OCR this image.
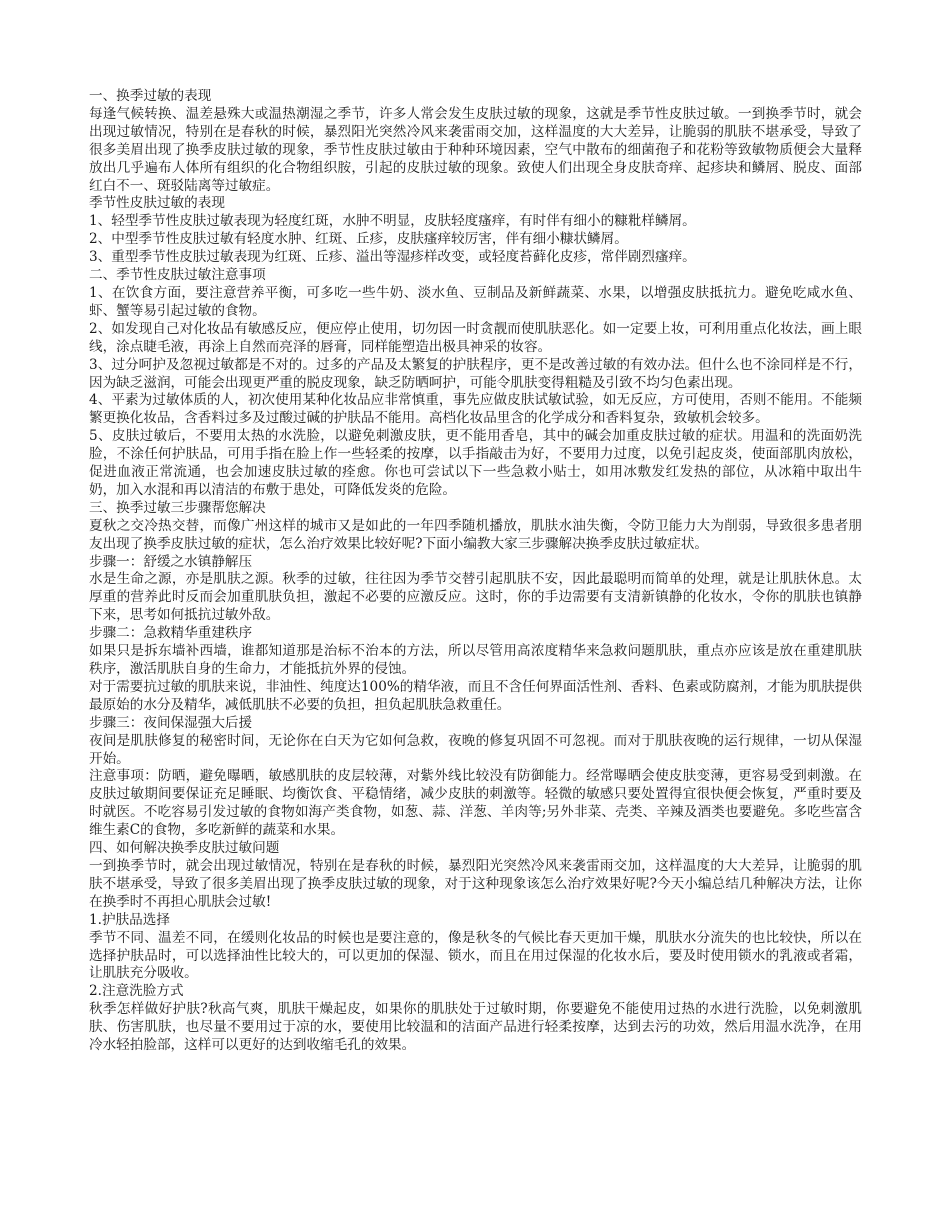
一、换季过敏的表现

每逢气候转换、温差悬殊大或温热潮湿之季节，许多人常会发生皮肤过敏的现象，这就是季节性皮肤过敏。一到换季节时，就会出现过敏情况，特别在是春秋的时候，暴烈阳光突然冷风来袭雷雨交加，这样温度的大大差异，让脆弱的肌肤不堪承受，导致了很多美眉出现了换季皮肤过敏的现象，季节性皮肤过敏由于种种环境因素，空气中散布的细菌孢子和花粉等致敏物质便会大量释放出几乎遍布人体所有组织的化合物组织胺，引起的皮肤过敏的现象。致使人们出现全身皮肤奇痒、起疹块和鳞屑、脱皮、面部红白不一、斑驳陆离等过敏症。

季节性皮肤过敏的表现

1、轻型季节性皮肤过敏表现为轻度红斑，水肿不明显，皮肤轻度瘙痒，有时伴有细小的糠粃样鳞屑。

2、中型季节性皮肤过敏有轻度水肿、红斑、丘疹，皮肤瘙痒较厉害，伴有细小糠状鳞屑。

3、重型季节性皮肤过敏表现为红斑、丘疹、溢出等湿疹样改变，或轻度苔藓化皮疹，常伴剧烈瘙痒。

二、季节性皮肤过敏注意事项

1、在饮食方面，要注意营养平衡，可多吃一些牛奶、淡水鱼、豆制品及新鲜蔬菜、水果，以增强皮肤抵抗力。避免吃咸水鱼、虾、蟹等易引起过敏的食物。

2、如发现自己对化妆品有敏感反应，便应停止使用，切勿因一时贪靓而使肌肤恶化。如一定要上妆，可利用重点化妆法，画上眼线，涂点睫毛液，再涂上自然而亮泽的唇膏，同样能塑造出极具神采的妆容。

3、过分呵护及忽视过敏都是不对的。过多的产品及太繁复的护肤程序，更不是改善过敏的有效办法。但什么也不涂同样是不行，因为缺乏滋润，可能会出现更严重的脱皮现象，缺乏防晒呵护，可能令肌肤变得粗糙及引致不均匀色素出现。

4、平素为过敏体质的人，初次使用某种化妆品应非常慎重，事先应做皮肤试敏试验，如无反应，方可使用，否则不能用。不能频繁更换化妆品，含香料过多及过酸过碱的护肤品不能用。高档化妆品里含的化学成分和香料复杂，致敏机会较多。

5、皮肤过敏后，不要用太热的水洗脸，以避免刺激皮肤，更不能用香皂，其中的碱会加重皮肤过敏的症状。用温和的洗面奶洗脸，不涂任何护肤品，可用手指在脸上作一些轻柔的按摩，以手指敲击为好，不要用力过度，以免引起皮炎，使面部肌肉放松，促进血液正常流通，也会加速皮肤过敏的痊愈。你也可尝试以下一些急救小贴士，如用冰敷发红发热的部位，从冰箱中取出牛奶，加入水混和再以清洁的布敷于患处，可降低发炎的危险。

三、换季过敏三步骤帮您解决

夏秋之交冷热交替，而像广州这样的城市又是如此的一年四季随机播放，肌肤水油失衡，令防卫能力大为削弱，导致很多患者朋友出现了换季皮肤过敏的症状，怎么治疗效果比较好呢?下面小编教大家三步骤解决换季皮肤过敏症状。

步骤一：舒缓之水镇静解压

水是生命之源，亦是肌肤之源。秋季的过敏，往往因为季节交替引起肌肤不安，因此最聪明而简单的处理，就是让肌肤休息。太厚重的营养此时反而会加重肌肤负担，激起不必要的应激反应。这时，你的手边需要有支清新镇静的化妆水，令你的肌肤也镇静下来，思考如何抵抗过敏外敌。

步骤二：急救精华重建秩序

如果只是拆东墙补西墙，谁都知道那是治标不治本的方法，所以尽管用高浓度精华来急救问题肌肤，重点亦应该是放在重建肌肤秩序，激活肌肤自身的生命力，才能抵抗外界的侵蚀。

对于需要抗过敏的肌肤来说，非油性、纯度达100%的精华液，而且不含任何界面活性剂、香料、色素或防腐剂，才能为肌肤提供最原始的水分及精华，减低肌肤不必要的负担，担负起肌肤急救重任。

步骤三：夜间保湿强大后援

夜间是肌肤修复的秘密时间，无论你在白天为它如何急救，夜晚的修复巩固不可忽视。而对于肌肤夜晚的运行规律，一切从保湿开始。

注意事项：防晒，避免曝晒，敏感肌肤的皮层较薄，对紫外线比较没有防御能力。经常曝晒会使皮肤变薄，更容易受到刺激。在皮肤过敏期间要保证充足睡眠、均衡饮食、平稳情绪，减少皮肤的刺激等。轻微的敏感只要处置得宜很快便会恢复，严重时要及时就医。不吃容易引发过敏的食物如海产类食物，如葱、蒜、洋葱、羊肉等;另外非菜、壳类、辛辣及酒类也要避免。多吃些富含维生素C的食物，多吃新鲜的蔬菜和水果。

四、如何解决换季皮肤过敏问题

一到换季节时，就会出现过敏情况，特别在是春秋的时候，暴烈阳光突然冷风来袭雷雨交加，这样温度的大大差异，让脆弱的肌肤不堪承受，导致了很多美眉出现了换季皮肤过敏的现象，对于这种现象该怎么治疗效果好呢?今天小编总结几种解决方法，让你在换季时不再担心肌肤会过敏!

1.护肤品选择

季节不同、温差不同，在缓则化妆品的时候也是要注意的，像是秋冬的气候比春天更加干燥，肌肤水分流失的也比较快，所以在选择护肤品时，可以选择油性比较大的，可以更加的保湿、锁水，而且在用过保湿的化妆水后，要及时使用锁水的乳液或者霜，让肌肤充分吸收。

2.注意洗脸方式

秋季怎样做好护肤?秋高气爽，肌肤干燥起皮，如果你的肌肤处于过敏时期，你要避免不能使用过热的水进行洗脸，以免刺激肌肤、伤害肌肤，也尽量不要用过于凉的水，要使用比较温和的洁面产品进行轻柔按摩，达到去污的功效，然后用温水洗净，在用冷水轻拍脸部，这样可以更好的达到收缩毛孔的效果。
